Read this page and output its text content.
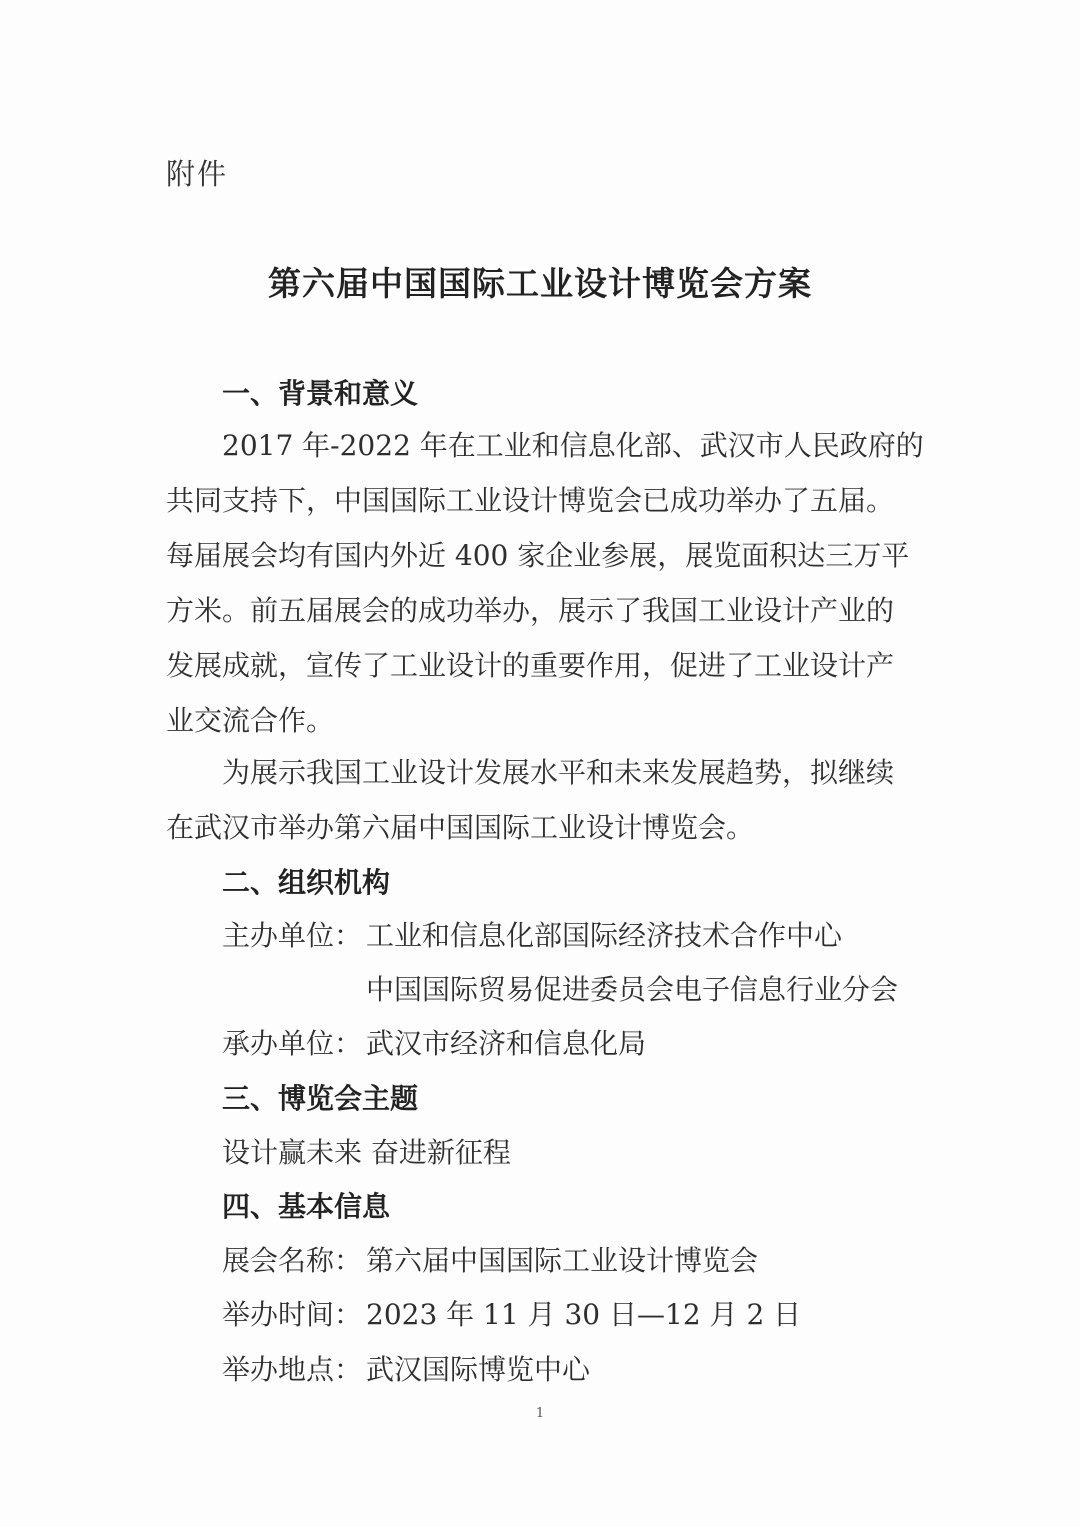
附件
第六届中国国际工业设计博览会方案
一、背景和意义
2017 年-2022 年在工业和信息化部、武汉市人民政府的
共同支持下，中国国际工业设计博览会已成功举办了五届。
每届展会均有国内外近 400 家企业参展，展览面积达三万平
方米。前五届展会的成功举办，展示了我国工业设计产业的
发展成就，宣传了工业设计的重要作用，促进了工业设计产
业交流合作。
为展示我国工业设计发展水平和未来发展趋势，拟继续
在武汉市举办第六届中国国际工业设计博览会。
二、组织机构
主办单位： 工业和信息化部国际经济技术合作中心
中国国际贸易促进委员会电子信息行业分会
承办单位： 武汉市经济和信息化局
三、博览会主题
设计赢未来 奋进新征程
四、基本信息
展会名称： 第六届中国国际工业设计博览会
举办时间： 2023 年 11 月 30 日—12 月 2 日
举办地点： 武汉国际博览中心
1
